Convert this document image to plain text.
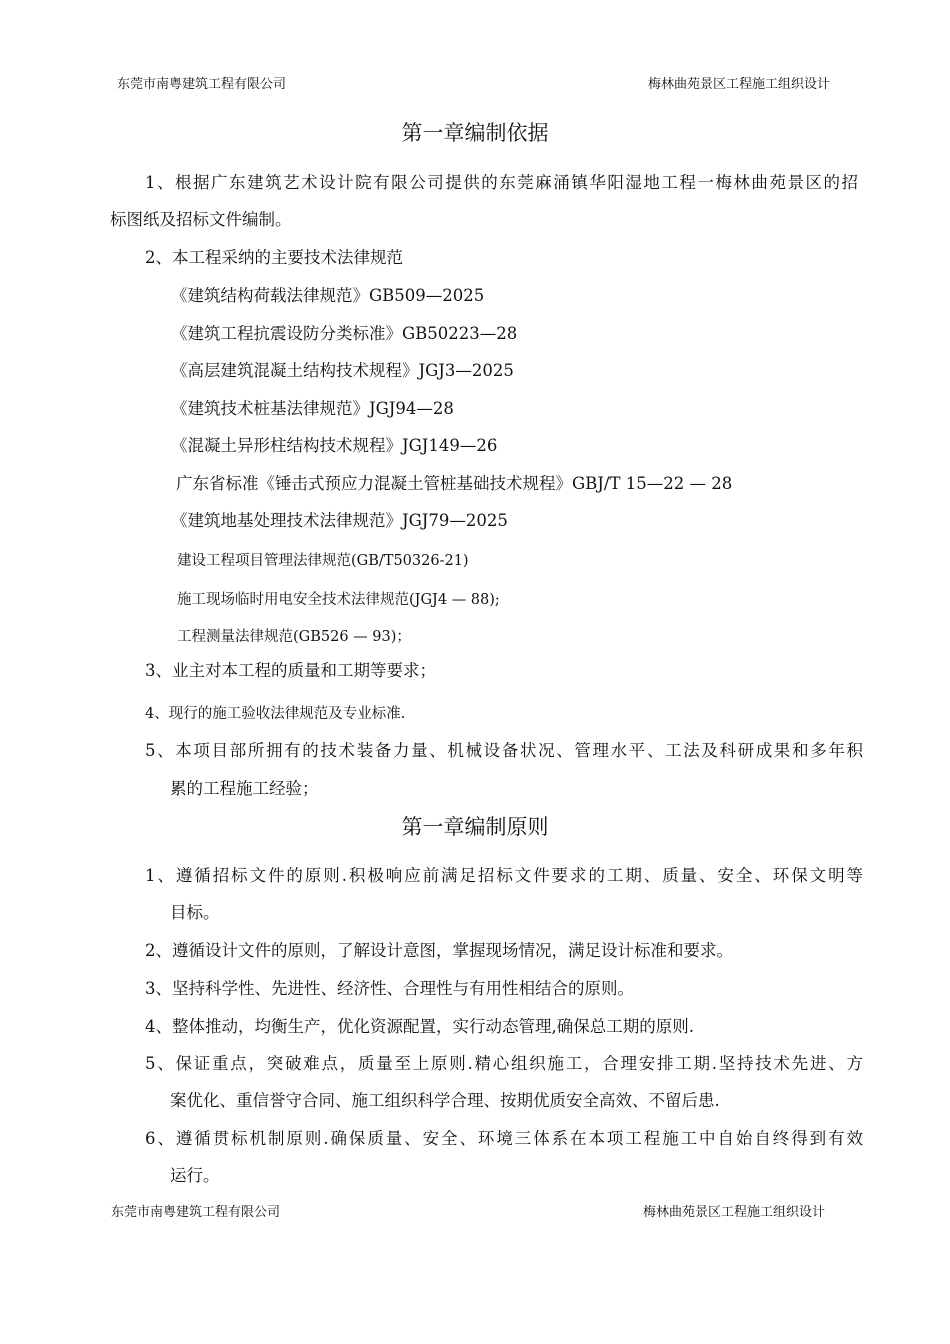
东莞市南粤建筑工程有限公司	梅林曲苑景区工程施工组织设计
第一章编制依据
1、根据广东建筑艺术设计院有限公司提供的东莞麻涌镇华阳湿地工程一梅林曲苑景区的招
标图纸及招标文件编制。
2、本工程采纳的主要技术法律规范
《建筑结构荷载法律规范》GB509—2025
《建筑工程抗震设防分类标准》GB50223—28
《高层建筑混凝土结构技术规程》JGJ3—2025
《建筑技术桩基法律规范》JGJ94—28
《混凝土异形柱结构技术规程》JGJ149—26
广东省标准《锤击式预应力混凝土管桩基础技术规程》GBJ/T 15—22 — 28
《建筑地基处理技术法律规范》JGJ79—2025
建设工程项目管理法律规范(GB/T50326-21)
施工现场临时用电安全技术法律规范(JGJ4 — 88);
工程测量法律规范(GB526 — 93)；
3、业主对本工程的质量和工期等要求；
4、现行的施工验收法律规范及专业标准.
5、本项目部所拥有的技术装备力量、机械设备状况、管理水平、工法及科研成果和多年积
累的工程施工经验；
第一章编制原则
1、遵循招标文件的原则.积极响应前满足招标文件要求的工期、质量、安全、环保文明等
目标。
2、遵循设计文件的原则，了解设计意图，掌握现场情况，满足设计标准和要求。
3、坚持科学性、先进性、经济性、合理性与有用性相结合的原则。
4、整体推动，均衡生产，优化资源配置，实行动态管理,确保总工期的原则.
5、保证重点，突破难点，质量至上原则.精心组织施工，合理安排工期.坚持技术先进、方
案优化、重信誉守合同、施工组织科学合理、按期优质安全高效、不留后患.
6、遵循贯标机制原则.确保质量、安全、环境三体系在本项工程施工中自始自终得到有效
运行。
东莞市南粤建筑工程有限公司	梅林曲苑景区工程施工组织设计
